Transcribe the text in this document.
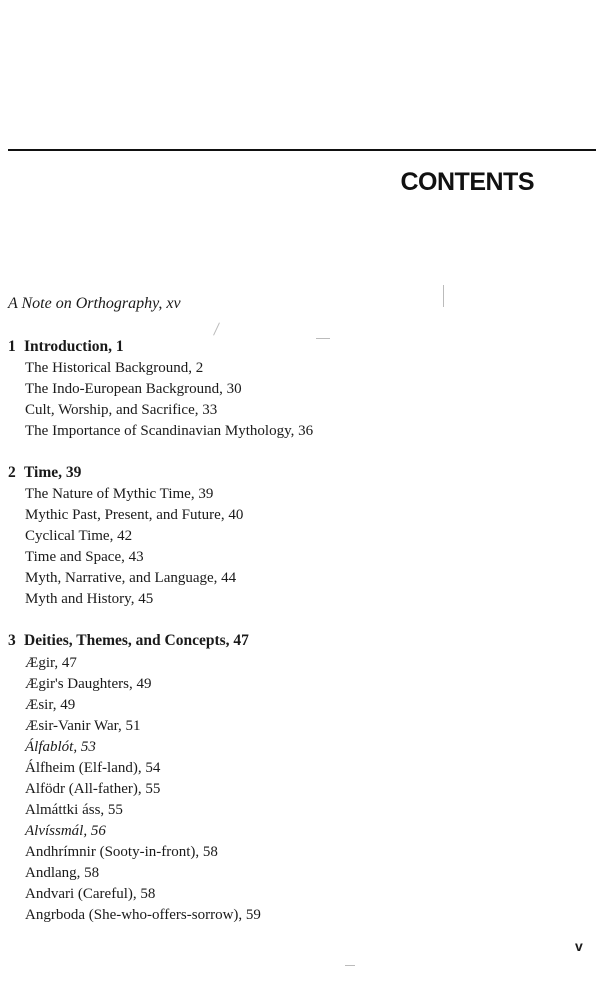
CONTENTS
A Note on Orthography, xv
1 Introduction, 1
The Historical Background, 2
The Indo-European Background, 30
Cult, Worship, and Sacrifice, 33
The Importance of Scandinavian Mythology, 36
2 Time, 39
The Nature of Mythic Time, 39
Mythic Past, Present, and Future, 40
Cyclical Time, 42
Time and Space, 43
Myth, Narrative, and Language, 44
Myth and History, 45
3 Deities, Themes, and Concepts, 47
Ægir, 47
Ægir's Daughters, 49
Æsir, 49
Æsir-Vanir War, 51
Álfablót, 53
Álfheim (Elf-land), 54
Alfödr (All-father), 55
Almáttki áss, 55
Alvíssmál, 56
Andhrímnir (Sooty-in-front), 58
Andlang, 58
Andvari (Careful), 58
Angrboda (She-who-offers-sorrow), 59
v
